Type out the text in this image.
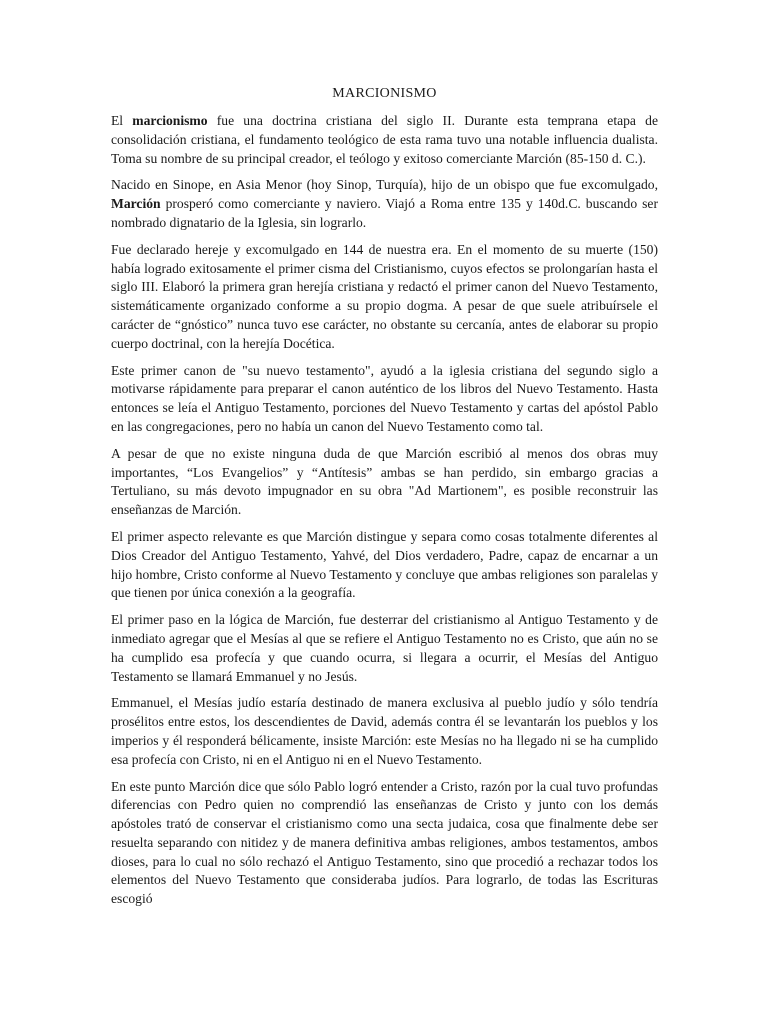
MARCIONISMO

El marcionismo fue una doctrina cristiana del siglo II. Durante esta temprana etapa de consolidación cristiana, el fundamento teológico de esta rama tuvo una notable influencia dualista. Toma su nombre de su principal creador, el teólogo y exitoso comerciante Marción (85-150 d. C.).

Nacido en Sinope, en Asia Menor (hoy Sinop, Turquía), hijo de un obispo que fue excomulgado, Marción prosperó como comerciante y naviero. Viajó a Roma entre 135 y 140d.C. buscando ser nombrado dignatario de la Iglesia, sin lograrlo.

Fue declarado hereje y excomulgado en 144 de nuestra era. En el momento de su muerte (150) había logrado exitosamente el primer cisma del Cristianismo, cuyos efectos se prolongarían hasta el siglo III. Elaboró la primera gran herejía cristiana y redactó el primer canon del Nuevo Testamento, sistemáticamente organizado conforme a su propio dogma. A pesar de que suele atribuírsele el carácter de “gnóstico” nunca tuvo ese carácter, no obstante su cercanía, antes de elaborar su propio cuerpo doctrinal, con la herejía Docética.

Este primer canon de "su nuevo testamento", ayudó a la iglesia cristiana del segundo siglo a motivarse rápidamente para preparar el canon auténtico de los libros del Nuevo Testamento. Hasta entonces se leía el Antiguo Testamento, porciones del Nuevo Testamento y cartas del apóstol Pablo en las congregaciones, pero no había un canon del Nuevo Testamento como tal.

A pesar de que no existe ninguna duda de que Marción escribió al menos dos obras muy importantes, “Los Evangelios” y “Antítesis” ambas se han perdido, sin embargo gracias a Tertuliano, su más devoto impugnador en su obra "Ad Martionem", es posible reconstruir las enseñanzas de Marción.

El primer aspecto relevante es que Marción distingue y separa como cosas totalmente diferentes al Dios Creador del Antiguo Testamento, Yahvé, del Dios verdadero, Padre, capaz de encarnar a un hijo hombre, Cristo conforme al Nuevo Testamento y concluye que ambas religiones son paralelas y que tienen por única conexión a la geografía.

El primer paso en la lógica de Marción, fue desterrar del cristianismo al Antiguo Testamento y de inmediato agregar que el Mesías al que se refiere el Antiguo Testamento no es Cristo, que aún no se ha cumplido esa profecía y que cuando ocurra, si llegara a ocurrir, el Mesías del Antiguo Testamento se llamará Emmanuel y no Jesús.

Emmanuel, el Mesías judío estaría destinado de manera exclusiva al pueblo judío y sólo tendría prosélitos entre estos, los descendientes de David, además contra él se levantarán los pueblos y los imperios y él responderá bélicamente, insiste Marción: este Mesías no ha llegado ni se ha cumplido esa profecía con Cristo, ni en el Antiguo ni en el Nuevo Testamento.

En este punto Marción dice que sólo Pablo logró entender a Cristo, razón por la cual tuvo profundas diferencias con Pedro quien no comprendió las enseñanzas de Cristo y junto con los demás apóstoles trató de conservar el cristianismo como una secta judaica, cosa que finalmente debe ser resuelta separando con nitidez y de manera definitiva ambas religiones, ambos testamentos, ambos dioses, para lo cual no sólo rechazó el Antiguo Testamento, sino que procedió a rechazar todos los elementos del Nuevo Testamento que consideraba judíos. Para lograrlo, de todas las Escrituras escogió
